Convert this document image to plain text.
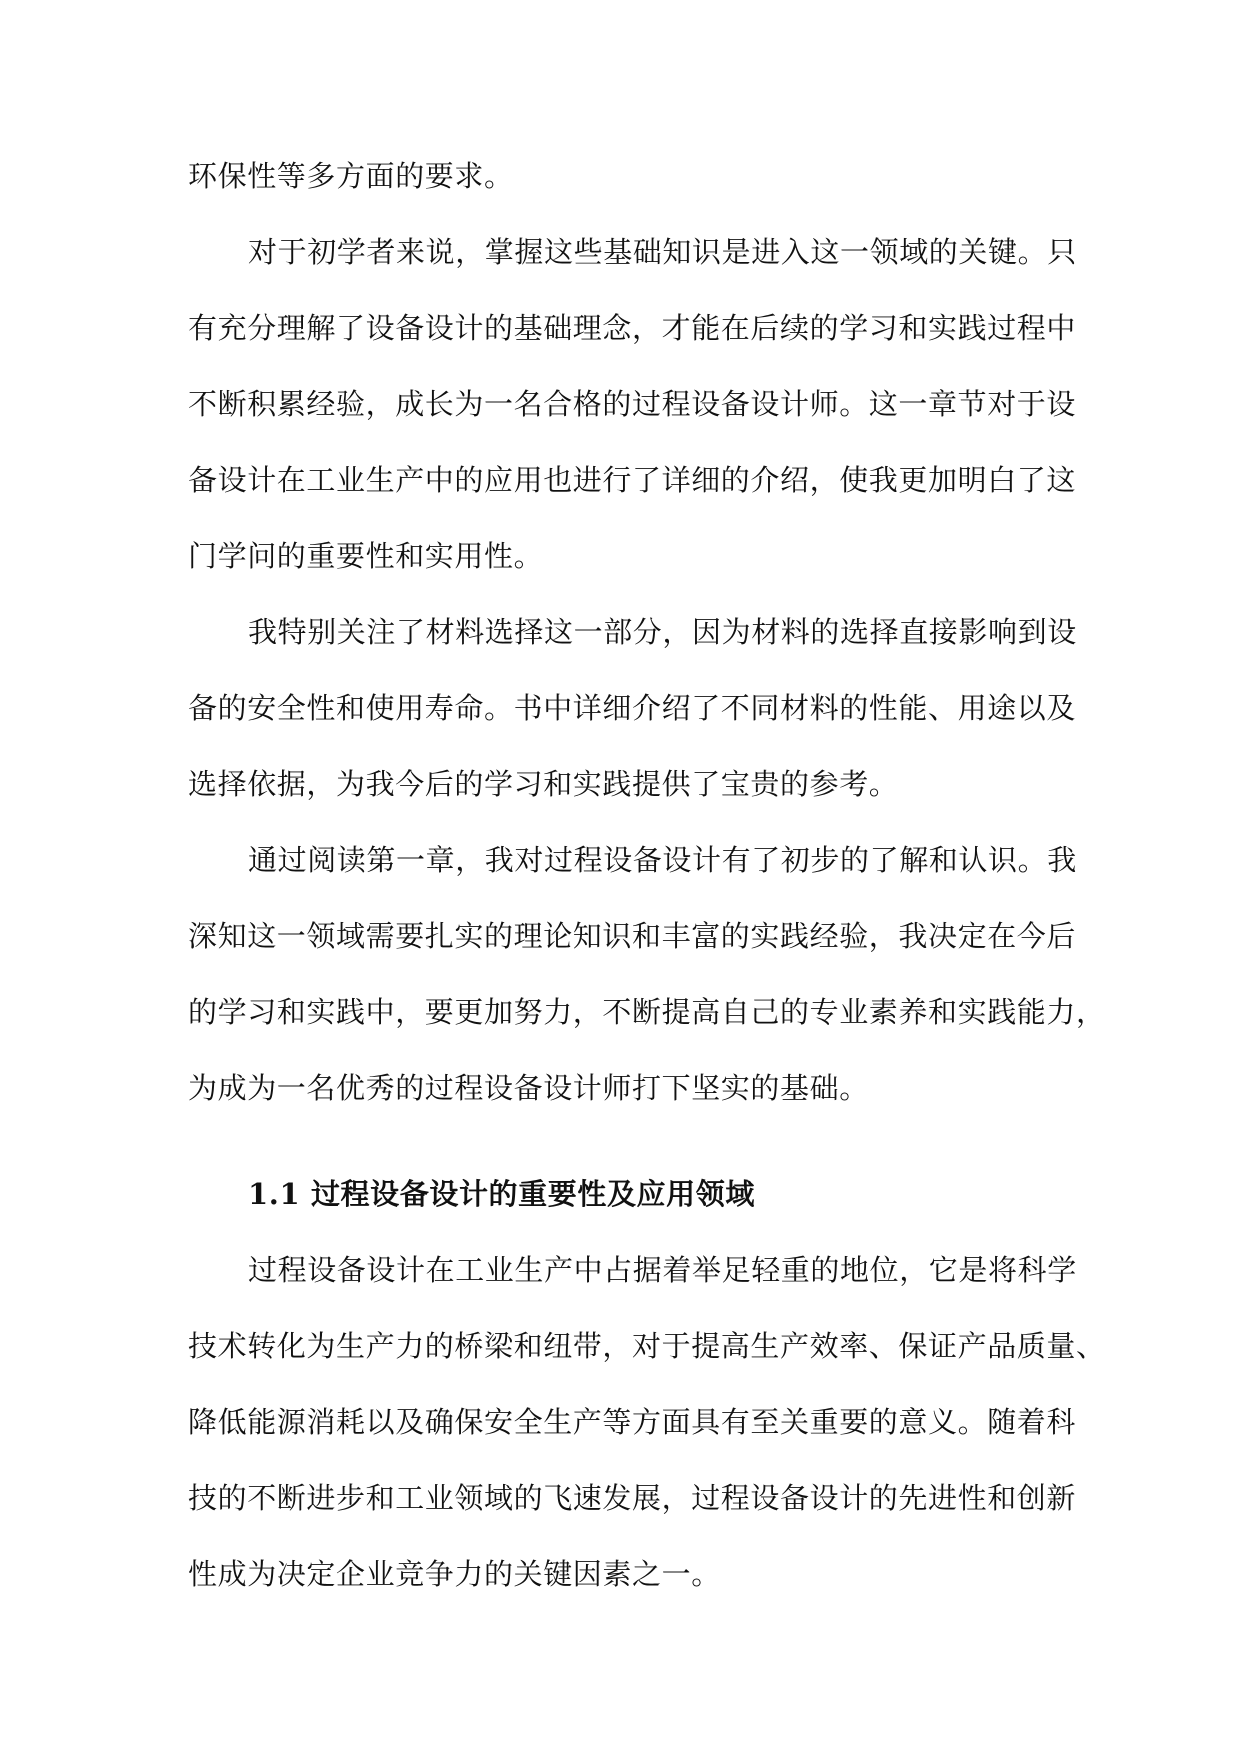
环保性等多方面的要求。
对于初学者来说，掌握这些基础知识是进入这一领域的关键。只
有充分理解了设备设计的基础理念，才能在后续的学习和实践过程中
不断积累经验，成长为一名合格的过程设备设计师。这一章节对于设
备设计在工业生产中的应用也进行了详细的介绍，使我更加明白了这
门学问的重要性和实用性。
我特别关注了材料选择这一部分，因为材料的选择直接影响到设
备的安全性和使用寿命。书中详细介绍了不同材料的性能、用途以及
选择依据，为我今后的学习和实践提供了宝贵的参考。
通过阅读第一章，我对过程设备设计有了初步的了解和认识。我
深知这一领域需要扎实的理论知识和丰富的实践经验，我决定在今后
的学习和实践中，要更加努力，不断提高自己的专业素养和实践能力，
为成为一名优秀的过程设备设计师打下坚实的基础。
1.1 过程设备设计的重要性及应用领域
过程设备设计在工业生产中占据着举足轻重的地位，它是将科学
技术转化为生产力的桥梁和纽带，对于提高生产效率、保证产品质量、
降低能源消耗以及确保安全生产等方面具有至关重要的意义。随着科
技的不断进步和工业领域的飞速发展，过程设备设计的先进性和创新
性成为决定企业竞争力的关键因素之一。
